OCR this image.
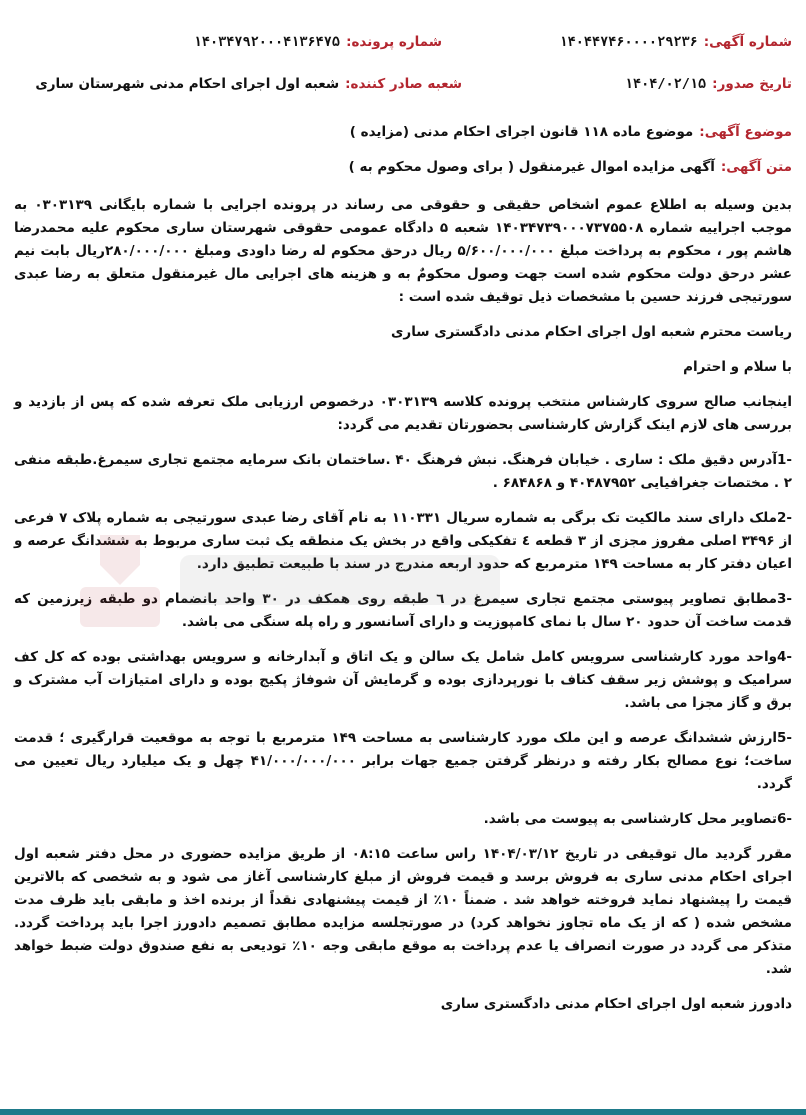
شماره آگهی:
۱۴۰۴۴۷۴۶۰۰۰۰۲۹۲۳۶
شماره پرونده:
۱۴۰۳۴۷۹۲۰۰۰۴۱۳۶۴۷۵
تاریخ صدور:
۱۴۰۴/۰۲/۱۵
شعبه صادر کننده:
شعبه اول اجرای احکام مدنی شهرستان ساری
موضوع آگهی:
موضوع ماده ۱۱۸ قانون اجرای احکام مدنی (مزایده )
متن آگهی:
آگهی مزایده اموال غیرمنقول ( برای وصول محکوم به )

بدین وسیله به اطلاع عموم اشخاص حقیقی و حقوقی می رساند در پرونده اجرایی با شماره بایگانی ۰۳۰۳۱۳۹ به موجب اجراییه شماره ۱۴۰۳۴۷۳۹۰۰۰۷۳۷۵۵۰۸ شعبه ۵ دادگاه عمومی حقوقی شهرستان ساری محکوم علیه محمدرضا هاشم پور ، محکوم به پرداخت مبلغ ۵/۶۰۰/۰۰۰/۰۰۰ ریال درحق محکوم له رضا داودی ومبلغ ۲۸۰/۰۰۰/۰۰۰ریال بابت نیم عشر درحق دولت محکوم شده است جهت وصول محکومٌ به و هزینه های اجرایی مال غیرمنقول متعلق به رضا عبدی سورتیجی فرزند حسین با مشخصات ذیل توقیف شده است :

ریاست محترم شعبه اول اجرای احکام مدنی دادگستری ساری

با سلام و احترام

اینجانب صالح سروی کارشناس منتخب پرونده کلاسه ۰۳۰۳۱۳۹ درخصوص ارزیابی ملک تعرفه شده که پس از بازدید و بررسی های لازم اینک گزارش کارشناسی بحضورتان تقدیم می گردد:

-1آدرس دقیق ملک : ساری . خیابان فرهنگ. نبش فرهنگ ۴۰ .ساختمان بانک سرمایه مجتمع تجاری سیمرغ.طبقه منفی ۲ . مختصات جغرافیایی ۴۰۴۸۷۹۵۲ و ۶۸۴۸۶۸ .

-2ملک دارای سند مالکیت تک برگی به شماره سریال ۱۱۰۳۳۱ به نام آقای رضا عبدی سورتیجی به شماره پلاک ۷ فرعی از ۳۴۹۶ اصلی مفروز مجزی از ۳ قطعه ٤ تفکیکی واقع در بخش یک منطقه یک ثبت ساری مربوط به ششدانگ عرصه و اعیان دفتر کار به مساحت ۱۴۹ مترمربع که حدود اربعه مندرج در سند با طبیعت تطبیق دارد.

-3مطابق تصاویر پیوستی مجتمع تجاری سیمرغ در ٦ طبقه روی همکف در ۳۰ واحد بانضمام دو طبقه زیرزمین که قدمت ساخت آن حدود ۲۰ سال با نمای کامپوزیت و دارای آسانسور و راه پله سنگی می باشد.

-4واحد مورد کارشناسی سرویس کامل شامل یک سالن و یک اتاق و آبدارخانه و سرویس بهداشتی بوده که کل کف سرامیک و پوشش زیر سقف کناف با نورپردازی بوده و گرمایش آن شوفاژ پکیج بوده و دارای امتیازات آب مشترک و برق و گاز مجزا می باشد.

-5ارزش ششدانگ عرصه و این ملک مورد کارشناسی به مساحت ۱۴۹ مترمربع با توجه به موقعیت قرارگیری ؛ قدمت ساخت؛ نوع مصالح بکار رفته و درنظر گرفتن جمیع جهات برابر ۴۱/۰۰۰/۰۰۰/۰۰۰ چهل و یک میلیارد ریال تعیین می گردد.

-6تصاویر محل کارشناسی به پیوست می باشد.

مقرر گردید مال توقیفی در تاریخ ۱۴۰۴/۰۳/۱۲ راس ساعت ۰۸:۱۵ از طریق مزایده حضوری در محل دفتر شعبه اول اجرای احکام مدنی ساری به فروش برسد و قیمت فروش از مبلغ کارشناسی آغاز می شود و به شخصی که بالاترین قیمت را پیشنهاد نماید فروخته خواهد شد . ضمناً ۱۰٪ از قیمت پیشنهادی نقداً از برنده اخذ و مابقی باید ظرف مدت مشخص شده ( که از یک ماه تجاوز نخواهد کرد) در صورتجلسه مزایده مطابق تصمیم دادورز اجرا باید پرداخت گردد. متذکر می گردد در صورت انصراف یا عدم پرداخت به موقع مابقی وجه ۱۰٪ تودیعی به نفع صندوق دولت ضبط خواهد شد.

دادورز شعبه اول اجرای احکام مدنی دادگستری ساری
